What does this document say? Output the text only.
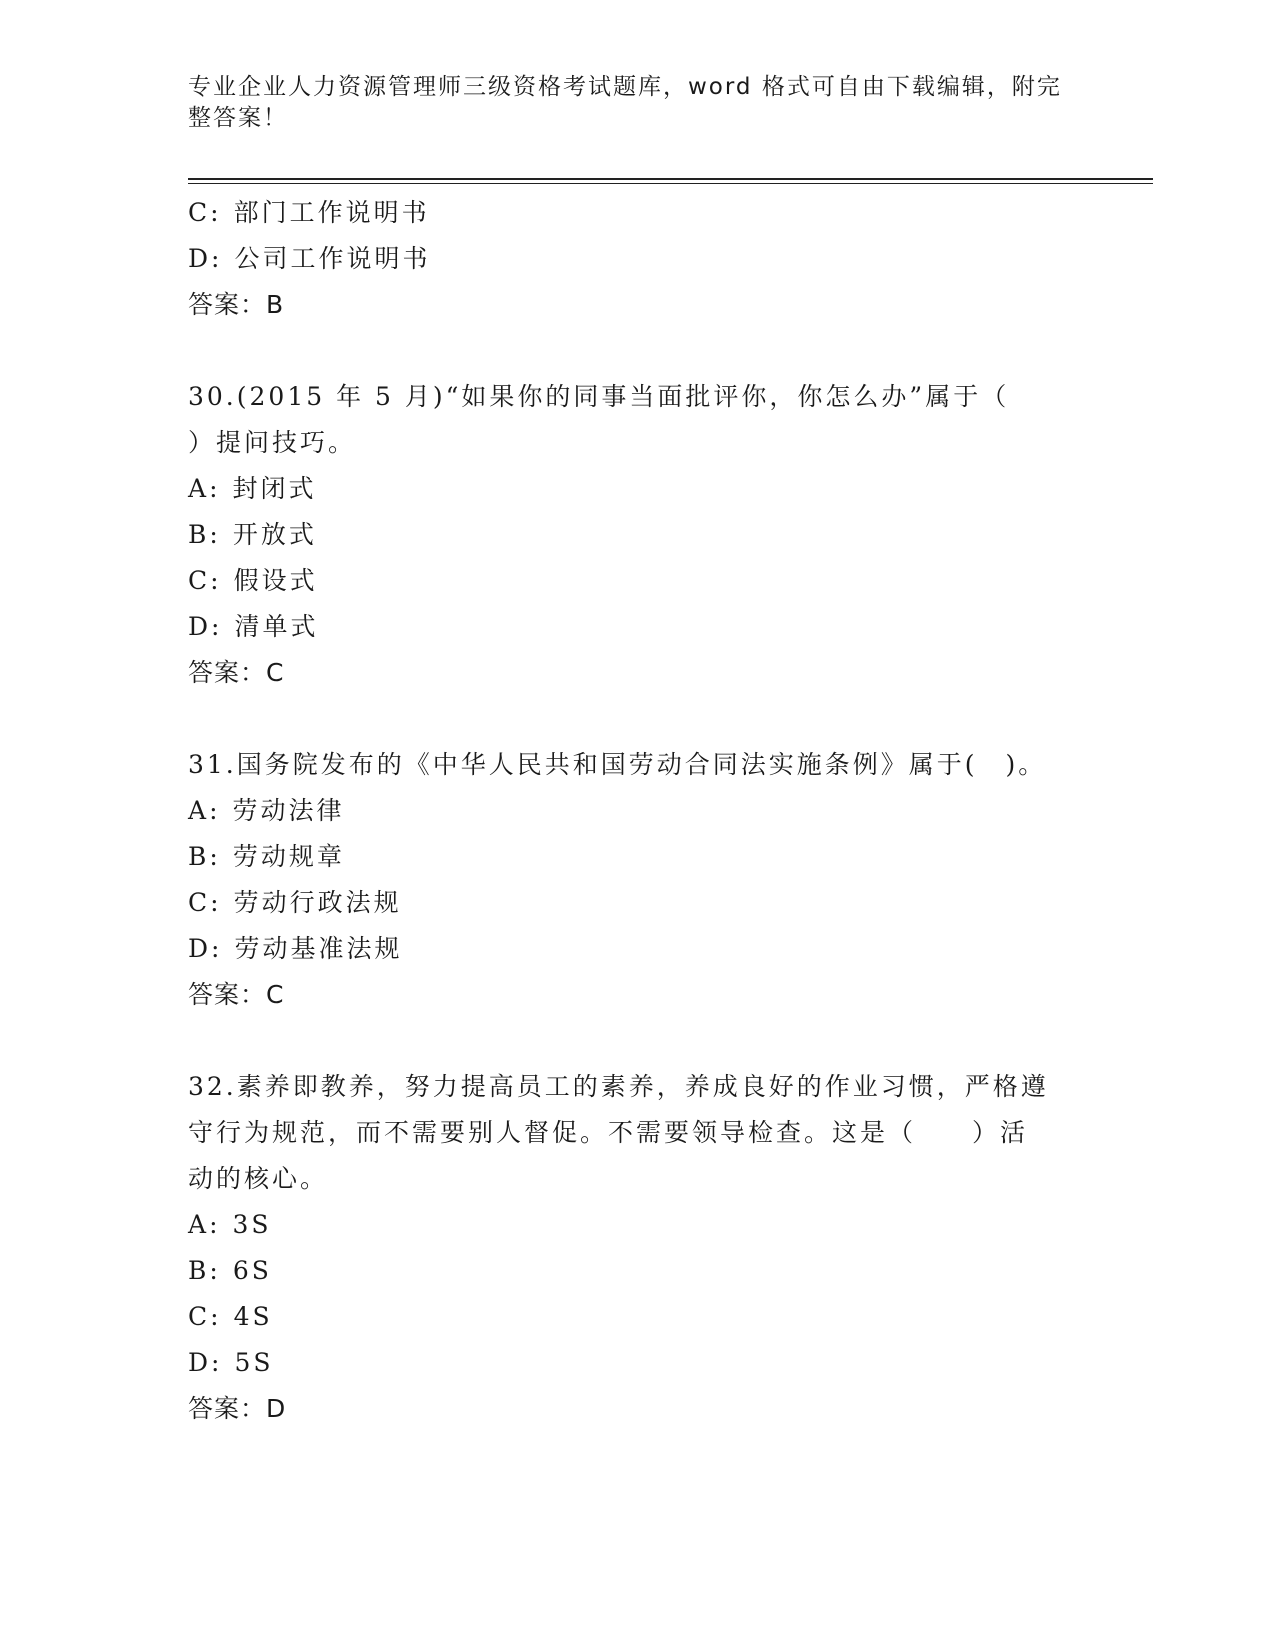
专业企业人力资源管理师三级资格考试题库，word 格式可自由下载编辑，附完整答案！
C: 部门工作说明书
D: 公司工作说明书
答案：B
30.(2015 年 5 月)“如果你的同事当面批评你，你怎么办”属于（
）提问技巧。
A: 封闭式
B: 开放式
C: 假设式
D: 清单式
答案：C
31.国务院发布的《中华人民共和国劳动合同法实施条例》属于(　)。
A: 劳动法律
B: 劳动规章
C: 劳动行政法规
D: 劳动基准法规
答案：C
32.素养即教养，努力提高员工的素养，养成良好的作业习惯，严格遵
守行为规范，而不需要别人督促。不需要领导检查。这是（　　）活
动的核心。
A: 3S
B: 6S
C: 4S
D: 5S
答案：D
